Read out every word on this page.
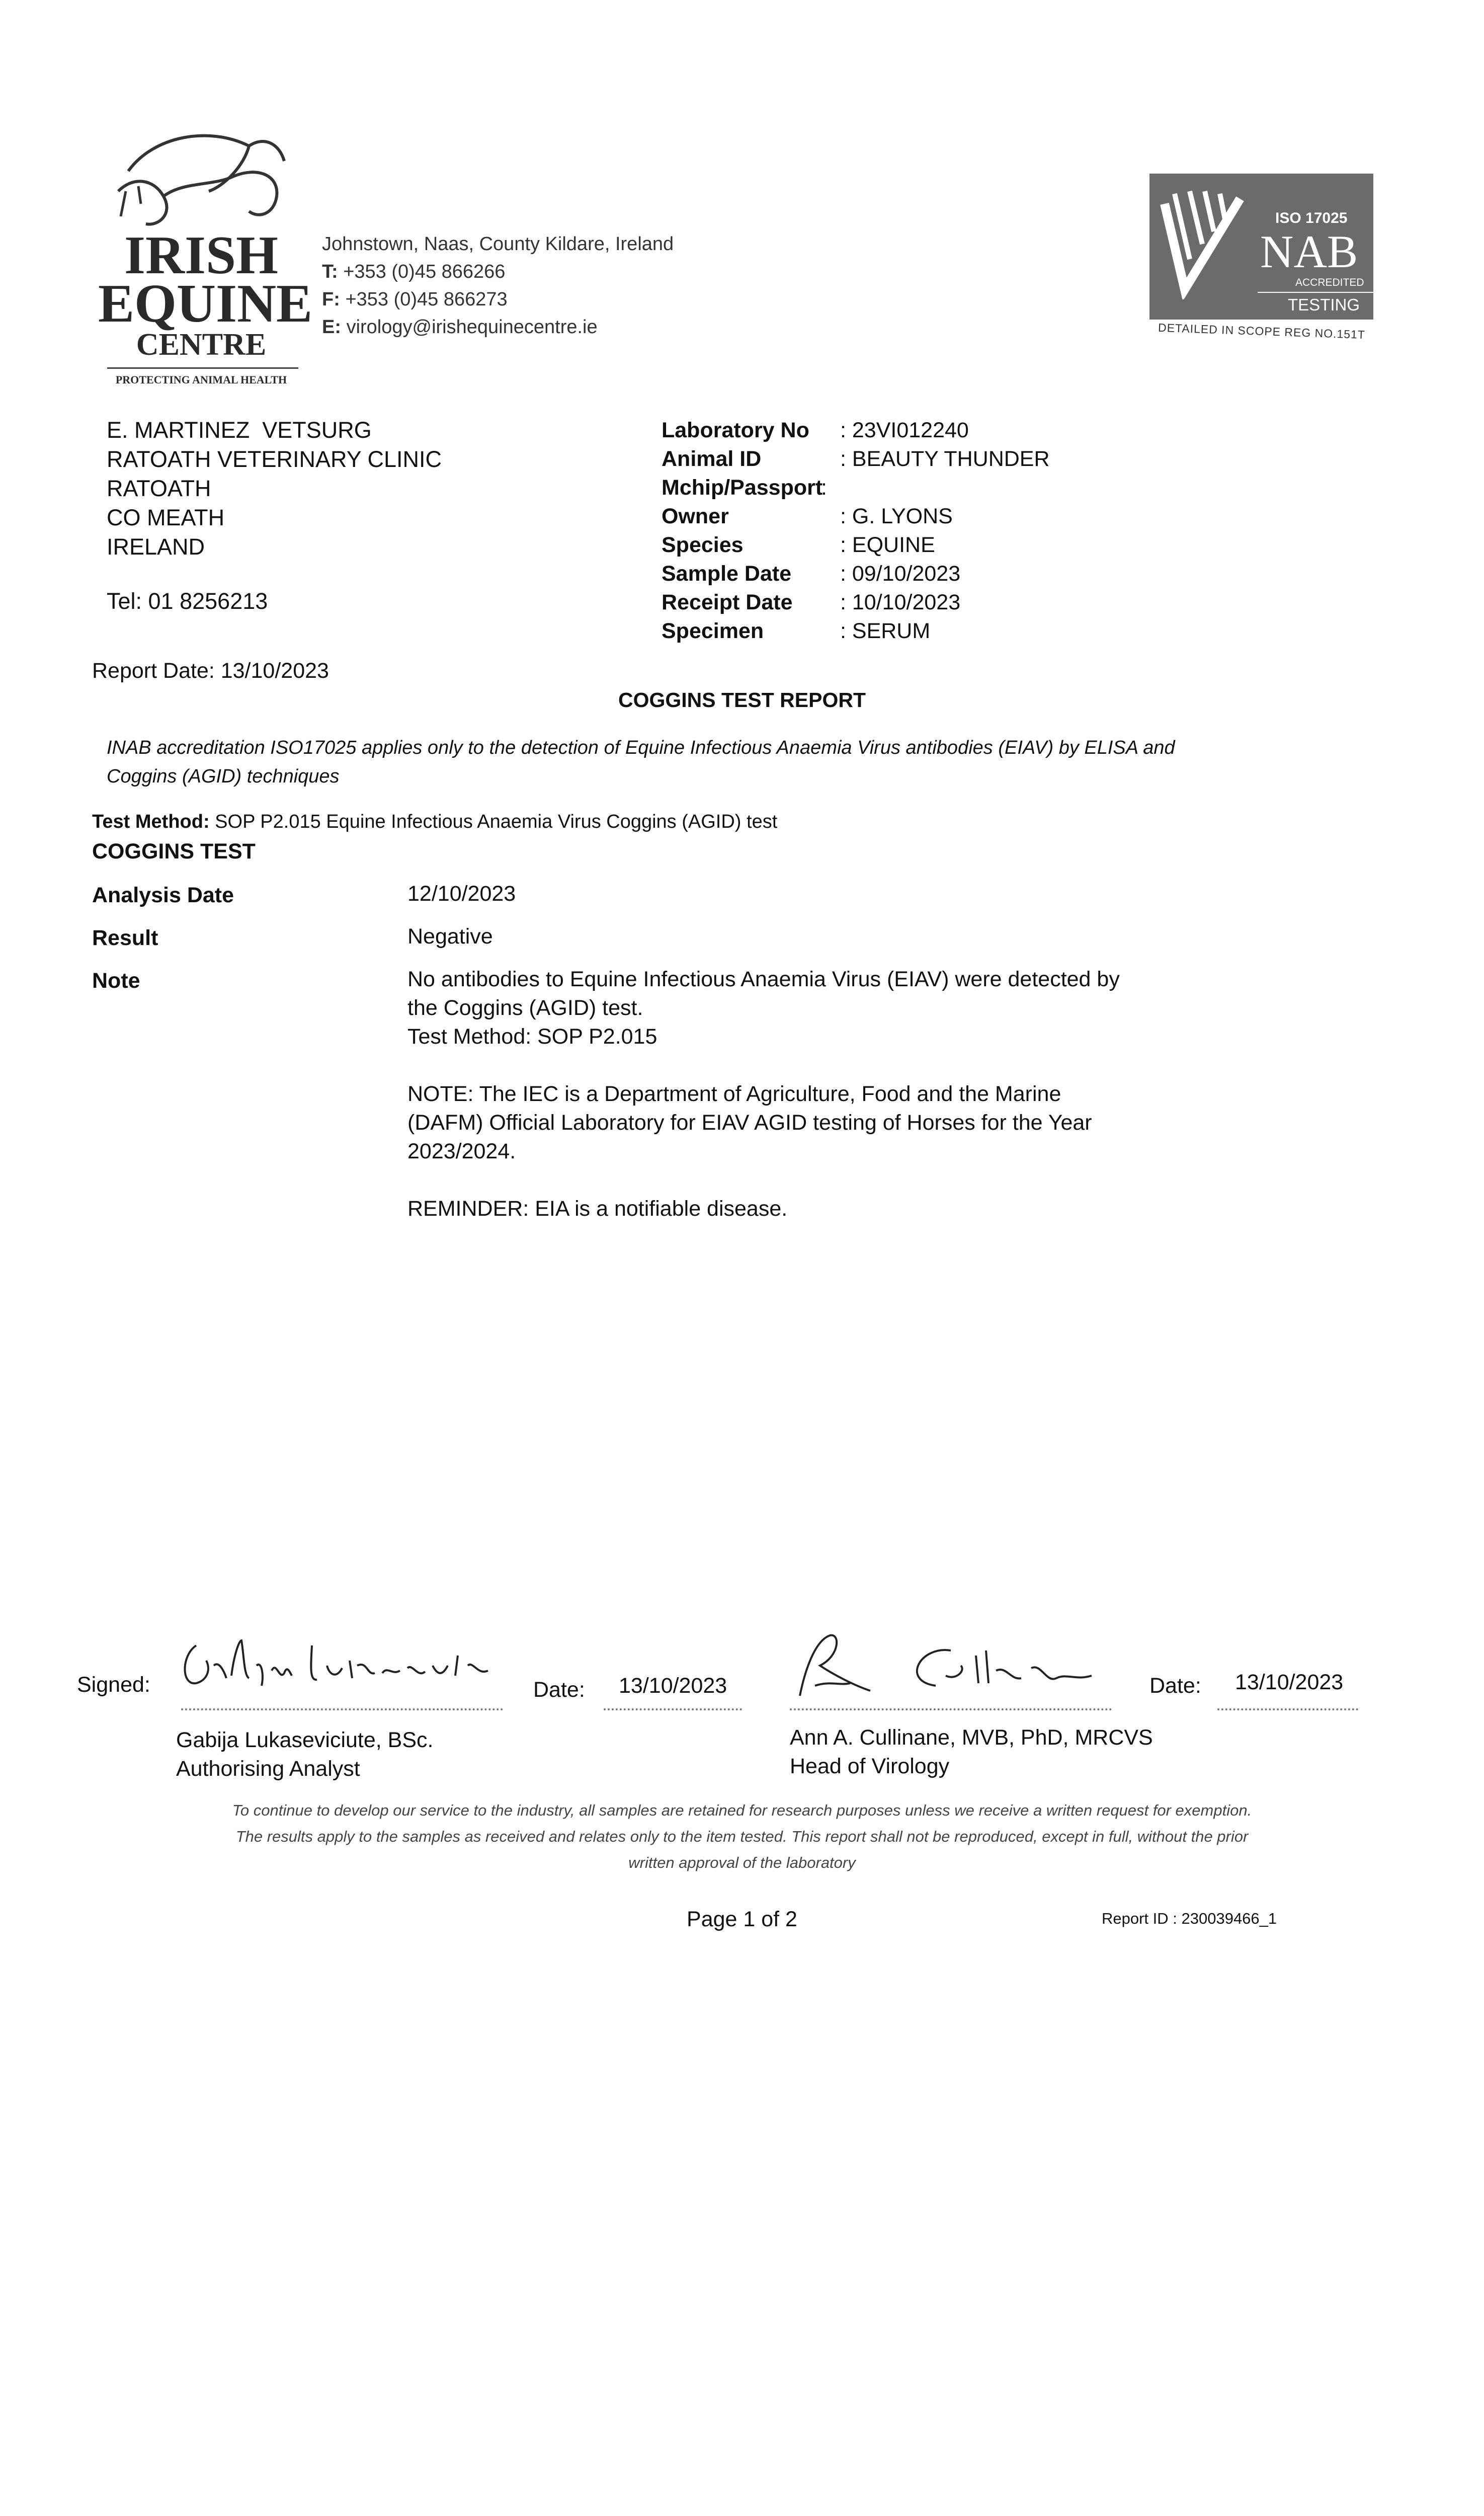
IRISH
EQUINE
CENTRE
PROTECTING ANIMAL HEALTH
Johnstown, Naas, County Kildare, Ireland
T: +353 (0)45 866266
F: +353 (0)45 866273
E: virology@irishequinecentre.ie
ISO 17025
NAB
ACCREDITED
TESTING
DETAILED IN SCOPE REG NO.151T
E. MARTINEZ  VETSURG
RATOATH VETERINARY CLINIC
RATOATH
CO MEATH
IRELAND
Tel: 01 8256213
Laboratory No : 23VI012240
Animal ID	: BEAUTY THUNDER
Mchip/Passport
:
Owner	: G. LYONS
Species	: EQUINE
Sample Date : 09/10/2023
Receipt Date : 10/10/2023
Specimen	: SERUM
Report Date: 13/10/2023
COGGINS TEST REPORT
INAB accreditation ISO17025 applies only to the detection of Equine Infectious Anaemia Virus antibodies (EIAV) by ELISA and
Coggins (AGID) techniques
Test Method: SOP P2.015 Equine Infectious Anaemia Virus Coggins (AGID) test
COGGINS TEST
Analysis Date	12/10/2023
Result	Negative
Note	No antibodies to Equine Infectious Anaemia Virus (EIAV) were detected by
the Coggins (AGID) test.
Test Method: SOP P2.015
NOTE: The IEC is a Department of Agriculture, Food and the Marine
(DAFM) Official Laboratory for EIAV AGID testing of Horses for the Year
2023/2024.
REMINDER: EIA is a notifiable disease.
Signed:	Date: 13/10/2023
Gabija Lukaseviciute, BSc.
Authorising Analyst
Date: 13/10/2023
Ann A. Cullinane, MVB, PhD, MRCVS
Head of Virology
To continue to develop our service to the industry, all samples are retained for research purposes unless we receive a written request for exemption.
The results apply to the samples as received and relates only to the item tested. This report shall not be reproduced, except in full, without the prior
written approval of the laboratory
Page 1 of 2	Report ID : 230039466_1
